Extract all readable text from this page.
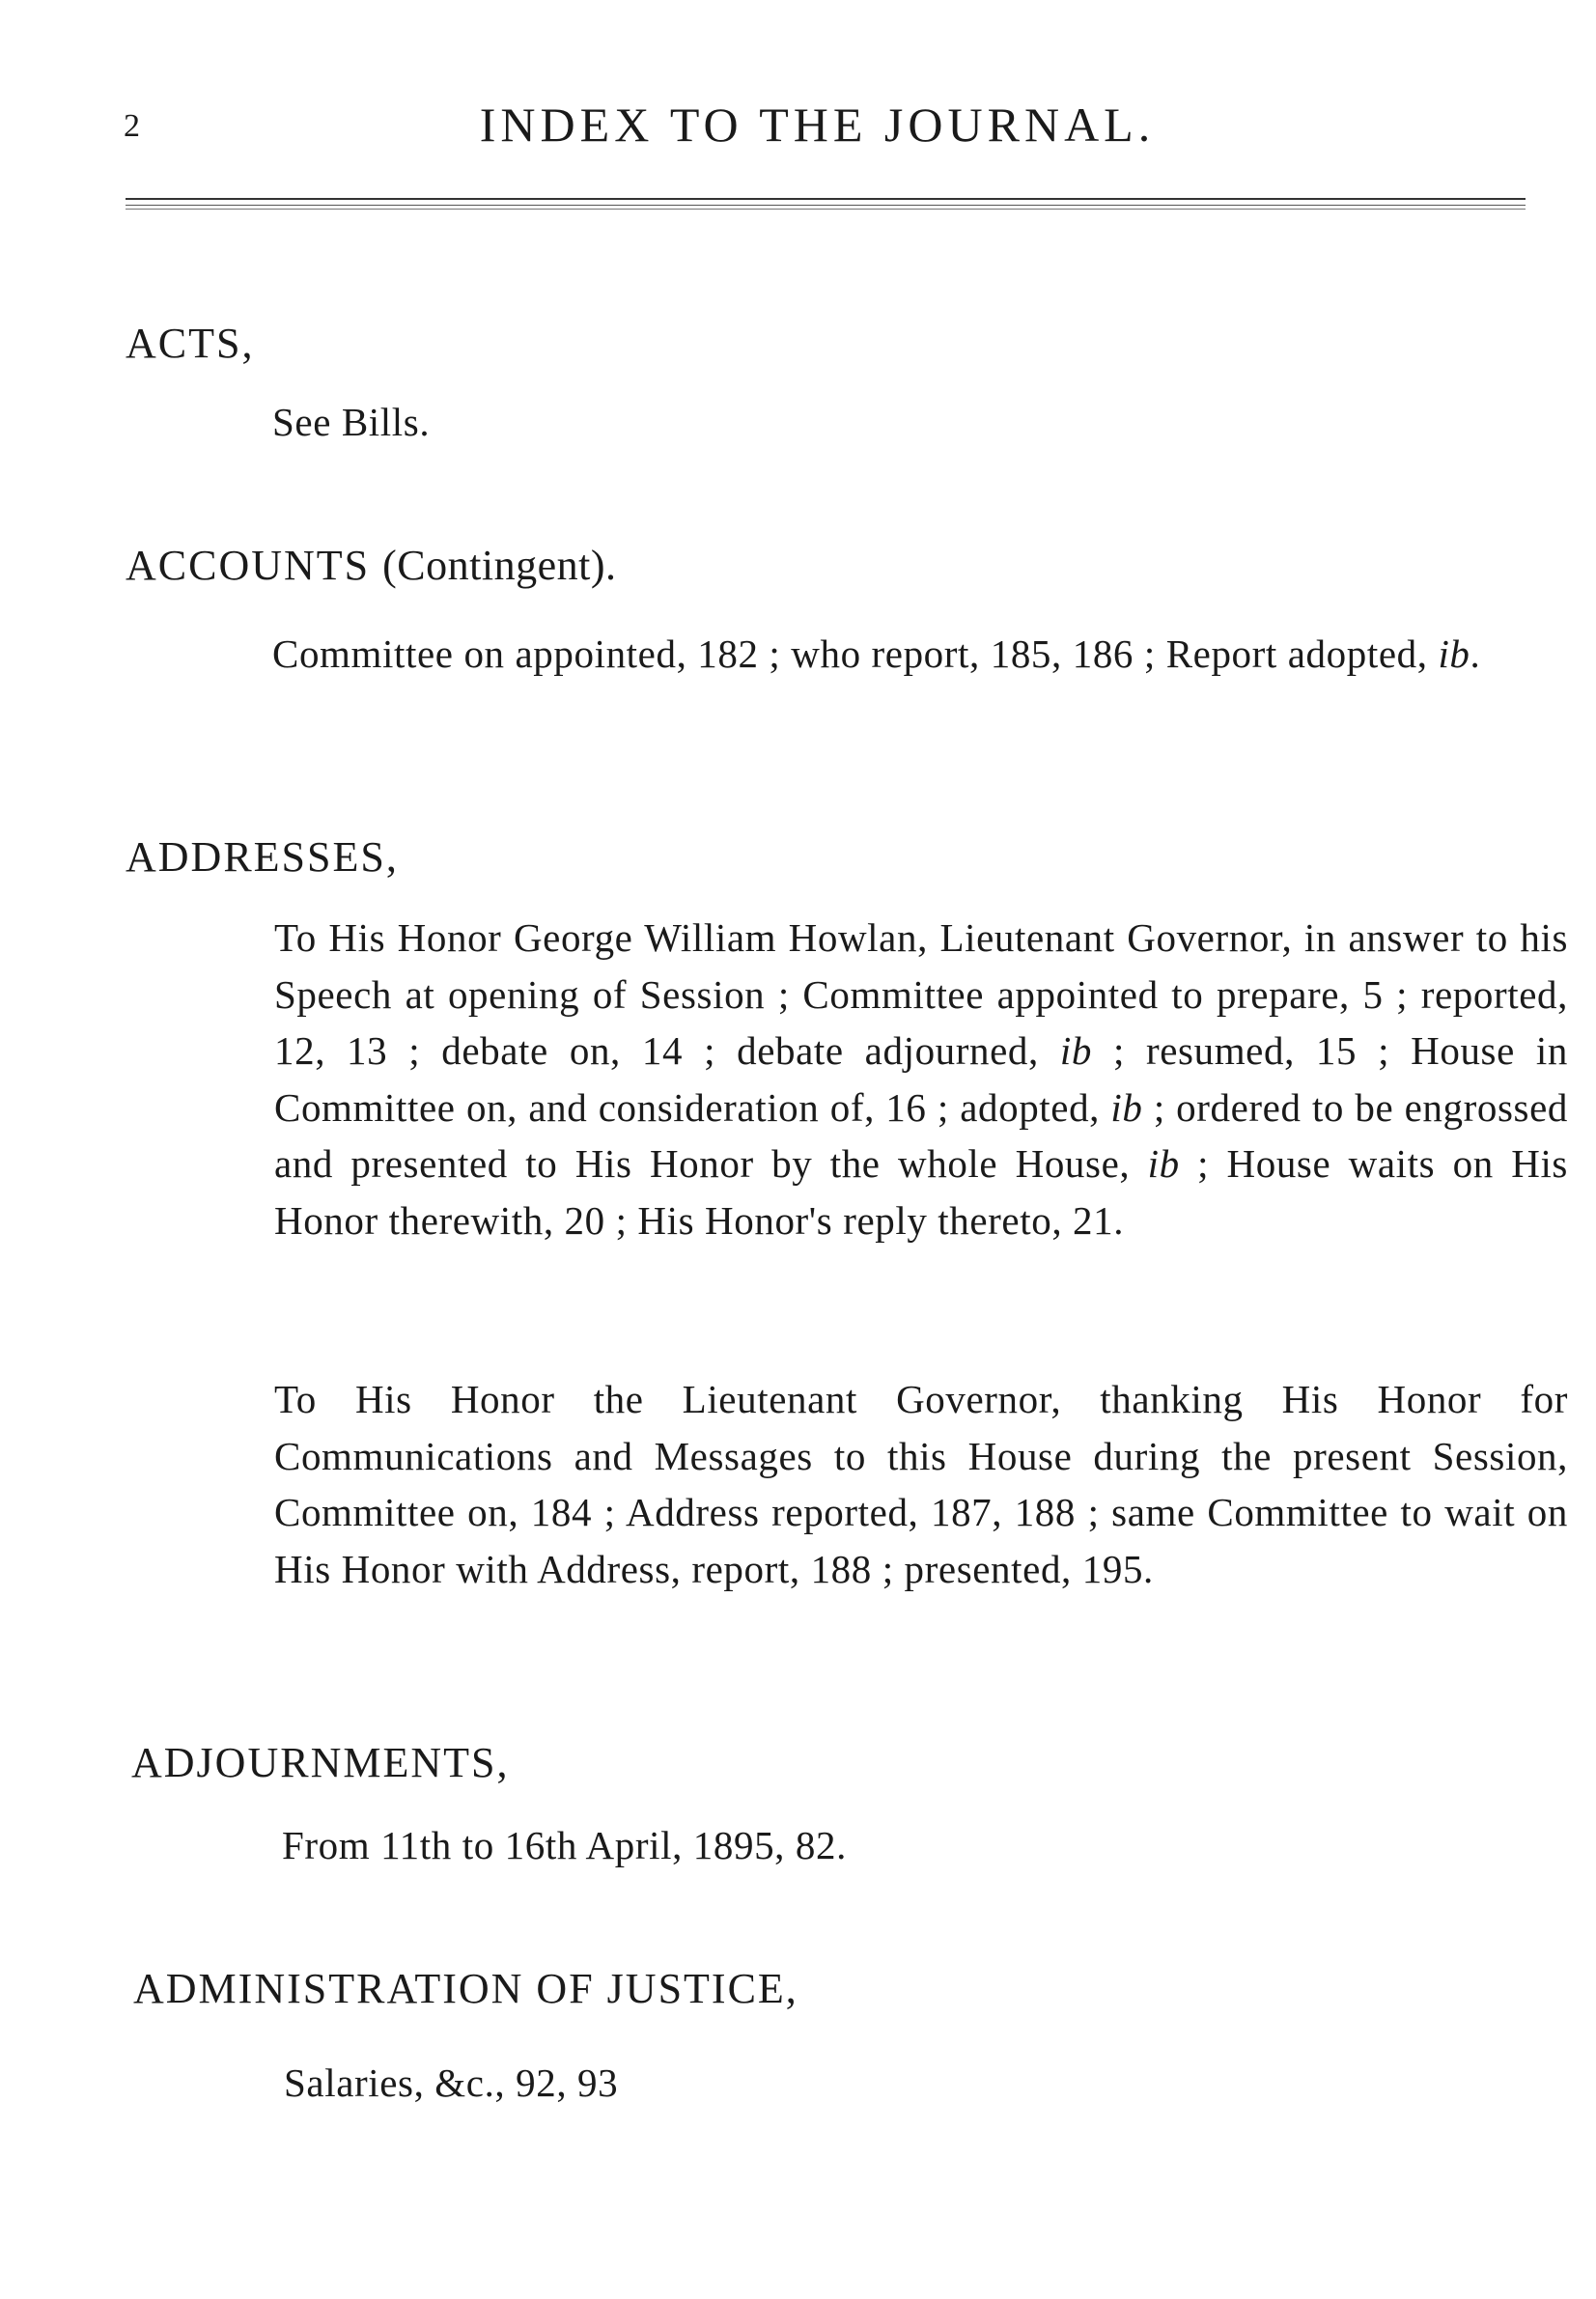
2	INDEX TO THE JOURNAL.
ACTS,
See Bills.
ACCOUNTS (Contingent).
Committee on appointed, 182 ; who report, 185, 186 ; Report adopted, ib.
ADDRESSES,
To His Honor George William Howlan, Lieutenant Governor, in answer to his Speech at opening of Session ; Committee appointed to prepare, 5 ; reported, 12, 13 ; debate on, 14 ; debate adjourned, ib ; resumed, 15 ; House in Committee on, and consideration of, 16 ; adopted, ib ; ordered to be engrossed and presented to His Honor by the whole House, ib ; House waits on His Honor therewith, 20 ; His Honor's reply thereto, 21.
To His Honor the Lieutenant Governor, thanking His Honor for Communications and Messages to this House during the present Session, Committee on, 184 ; Address reported, 187, 188 ; same Committee to wait on His Honor with Address, report, 188 ; presented, 195.
ADJOURNMENTS,
From 11th to 16th April, 1895, 82.
ADMINISTRATION OF JUSTICE,
Salaries, &c., 92, 93
